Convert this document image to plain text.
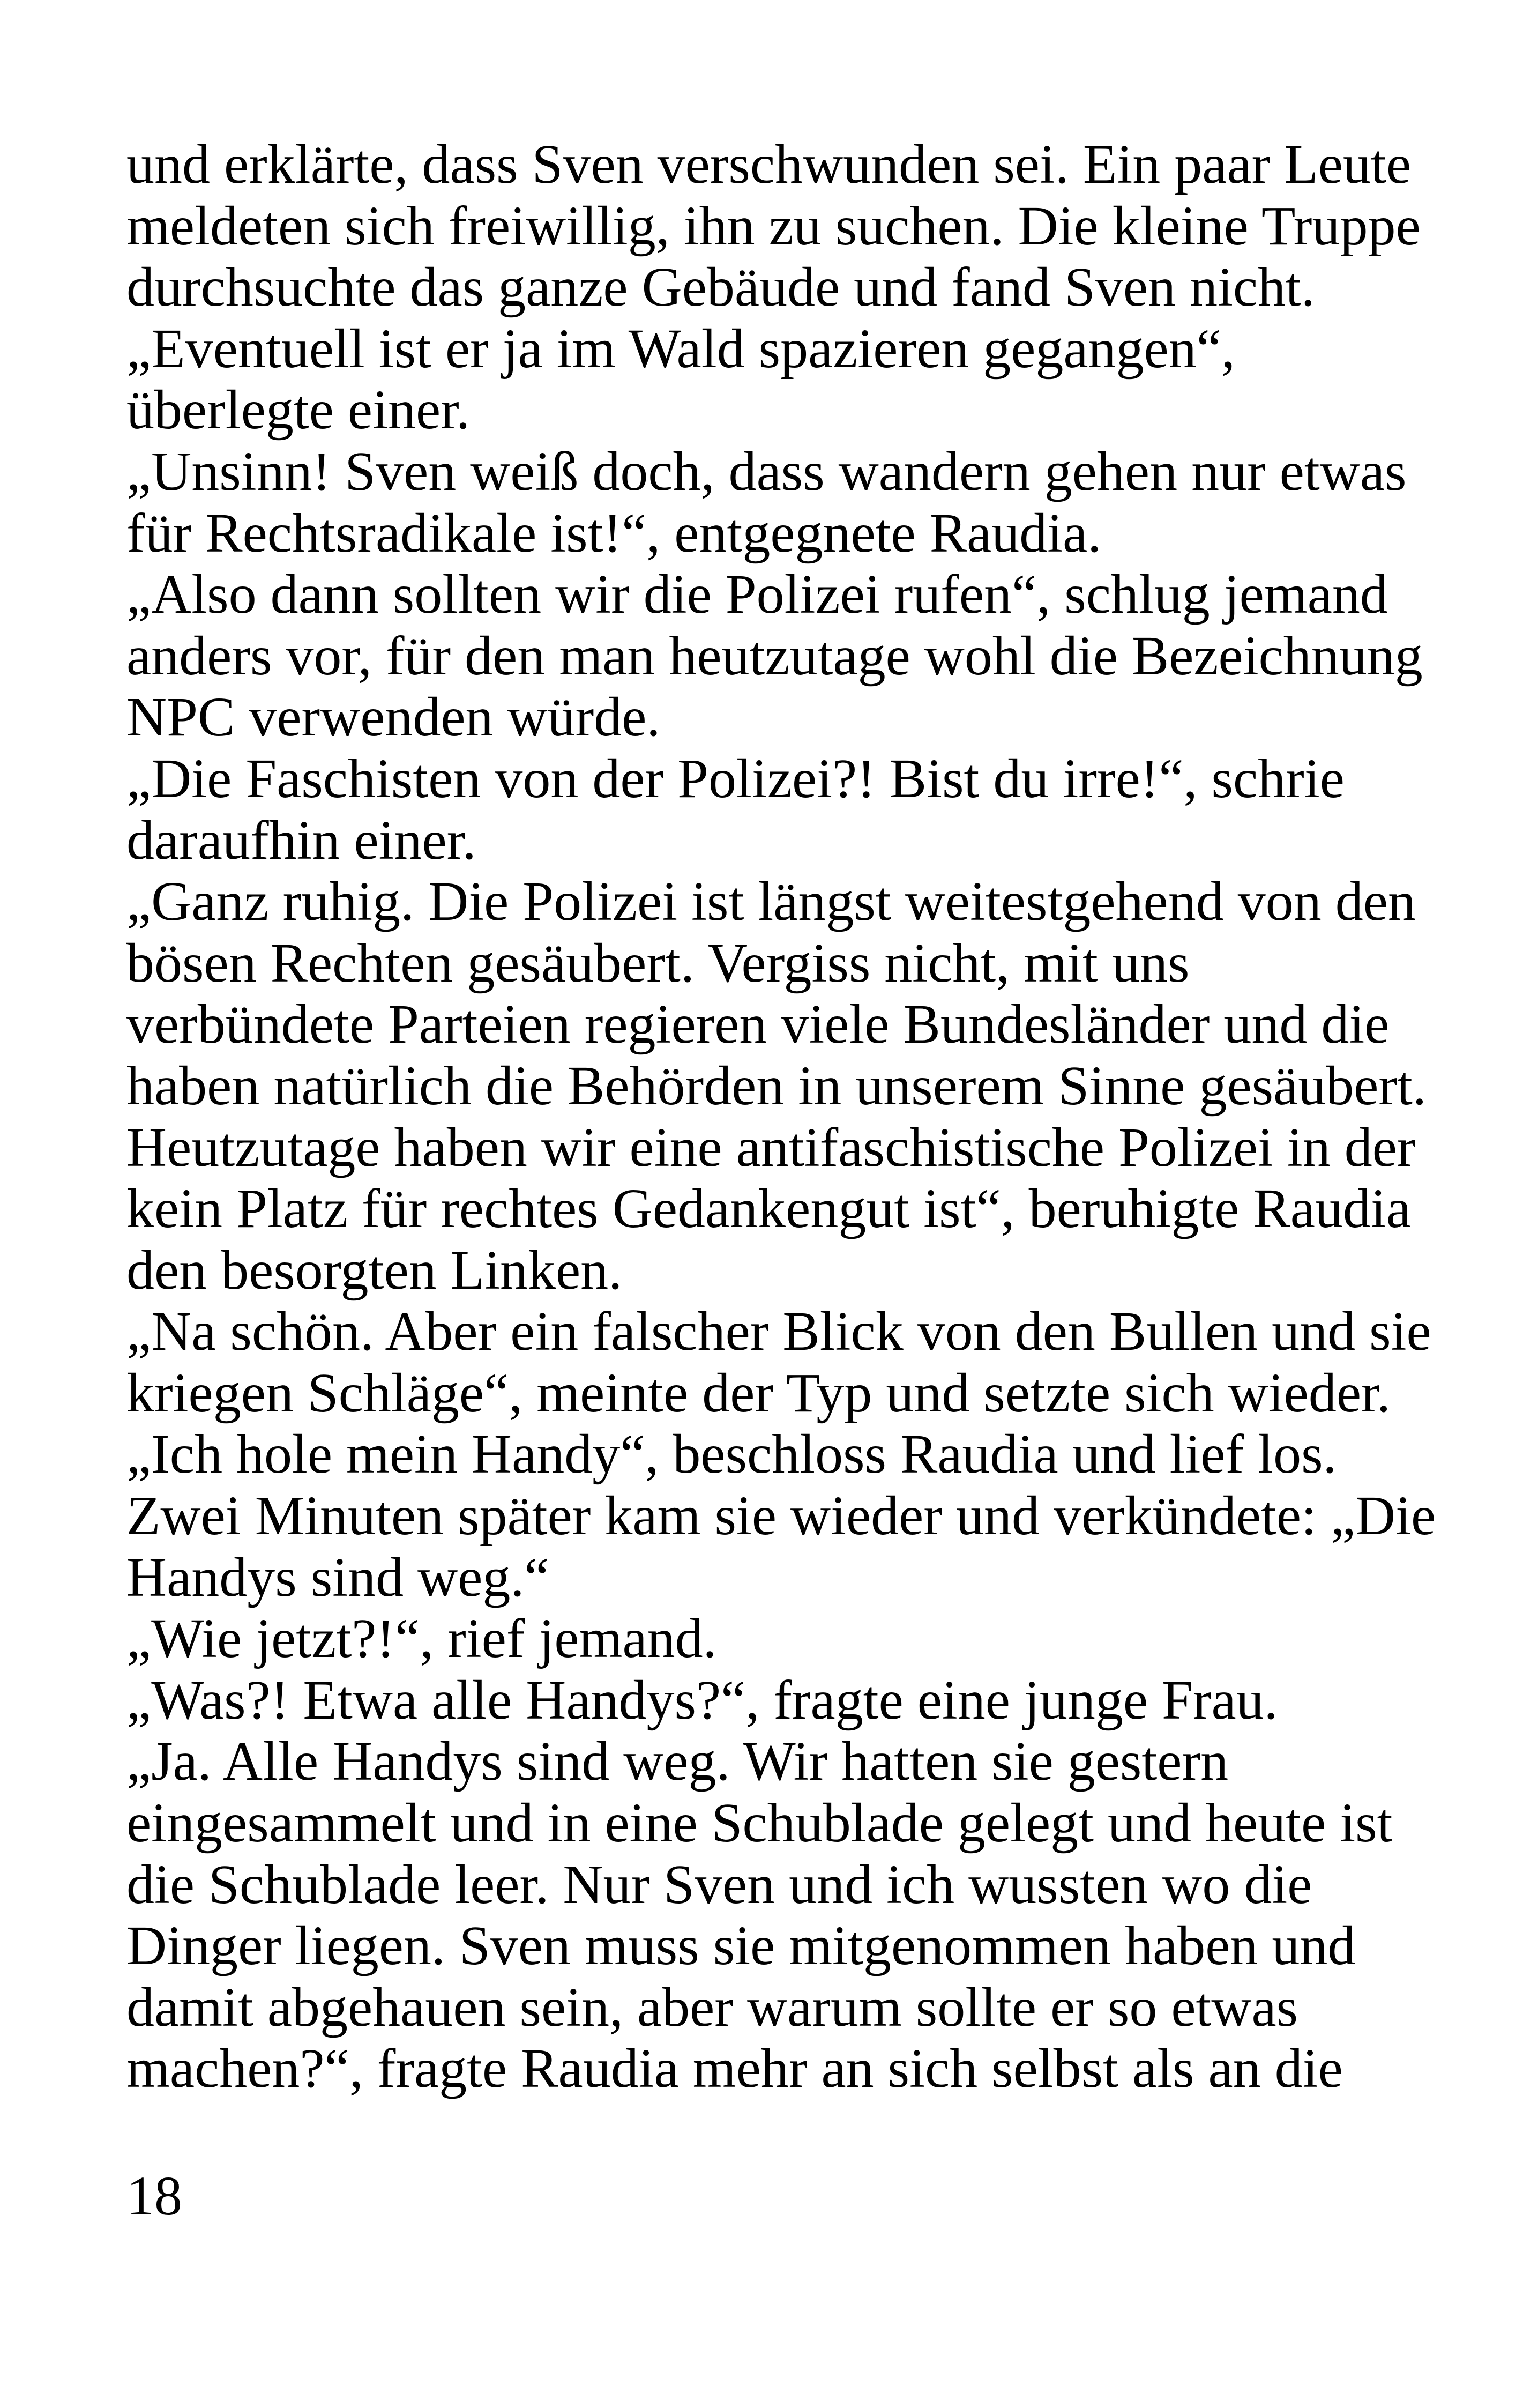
und erklärte, dass Sven verschwunden sei. Ein paar Leute
meldeten sich freiwillig, ihn zu suchen. Die kleine Truppe
durchsuchte das ganze Gebäude und fand Sven nicht.
„Eventuell ist er ja im Wald spazieren gegangen“,
überlegte einer.
„Unsinn! Sven weiß doch, dass wandern gehen nur etwas
für Rechtsradikale ist!“, entgegnete Raudia.
„Also dann sollten wir die Polizei rufen“, schlug jemand
anders vor, für den man heutzutage wohl die Bezeichnung
NPC verwenden würde.
„Die Faschisten von der Polizei?! Bist du irre!“, schrie
daraufhin einer.
„Ganz ruhig. Die Polizei ist längst weitestgehend von den
bösen Rechten gesäubert. Vergiss nicht, mit uns
verbündete Parteien regieren viele Bundesländer und die
haben natürlich die Behörden in unserem Sinne gesäubert.
Heutzutage haben wir eine antifaschistische Polizei in der
kein Platz für rechtes Gedankengut ist“, beruhigte Raudia
den besorgten Linken.
„Na schön. Aber ein falscher Blick von den Bullen und sie
kriegen Schläge“, meinte der Typ und setzte sich wieder.
„Ich hole mein Handy“, beschloss Raudia und lief los.
Zwei Minuten später kam sie wieder und verkündete: „Die
Handys sind weg.“
„Wie jetzt?!“, rief jemand.
„Was?! Etwa alle Handys?“, fragte eine junge Frau.
„Ja. Alle Handys sind weg. Wir hatten sie gestern
eingesammelt und in eine Schublade gelegt und heute ist
die Schublade leer. Nur Sven und ich wussten wo die
Dinger liegen. Sven muss sie mitgenommen haben und
damit abgehauen sein, aber warum sollte er so etwas
machen?“, fragte Raudia mehr an sich selbst als an die
18
